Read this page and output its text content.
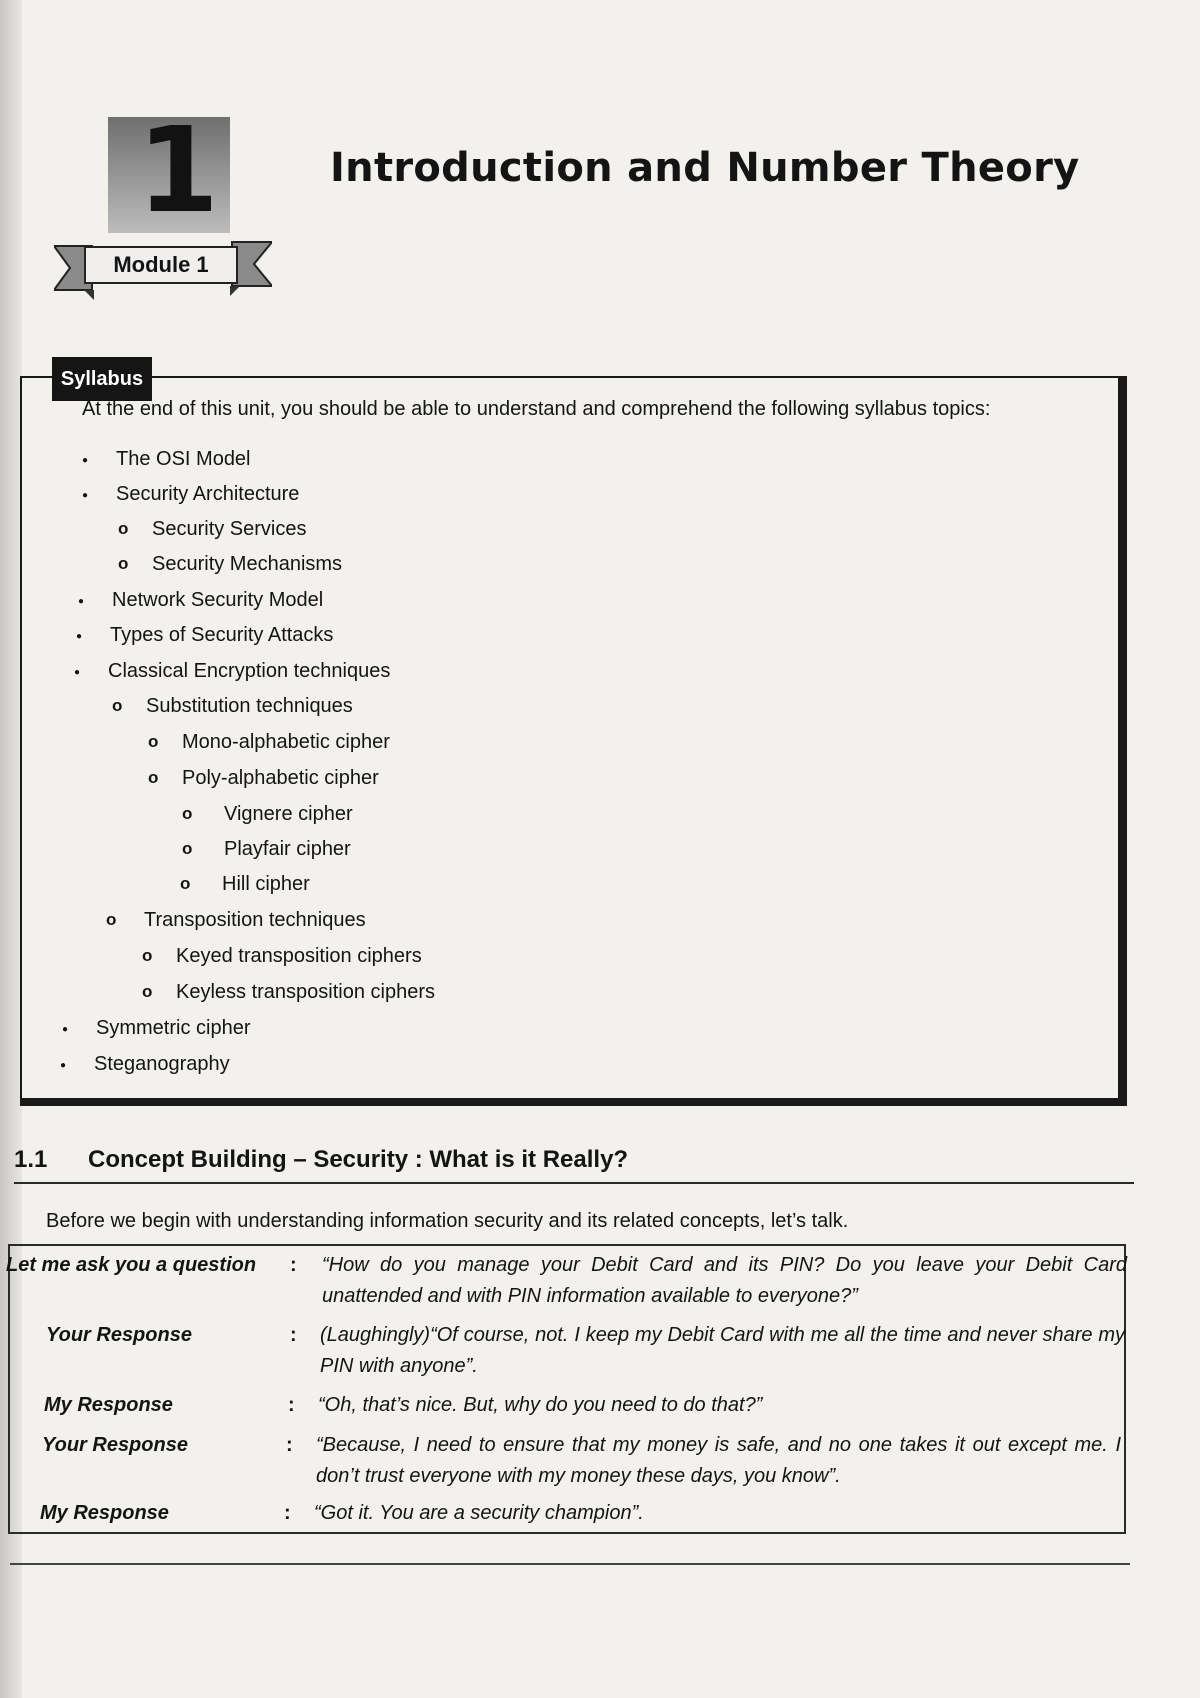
1
Module 1
Introduction and Number Theory
Syllabus
At the end of this unit, you should be able to understand and comprehend the following syllabus topics:
●
The OSI Model
●
Security Architecture
o
Security Services
o
Security Mechanisms
●
Network Security Model
●
Types of Security Attacks
●
Classical Encryption techniques
o
Substitution techniques
o
Mono-alphabetic cipher
o
Poly-alphabetic cipher
o
Vignere cipher
o
Playfair cipher
o
Hill cipher
o
Transposition techniques
o
Keyed transposition ciphers
o
Keyless transposition ciphers
●
Symmetric cipher
●
Steganography
1.1 Concept Building – Security : What is it Really?
Before we begin with understanding information security and its related concepts, let’s talk.
Let me ask you a question : “How do you manage your Debit Card and its PIN? Do you leave your Debit Card unattended and with PIN information available to everyone?”
Your Response	: (Laughingly)“Of course, not. I keep my Debit Card with me all the time and never share my PIN with anyone”.
My Response	: “Oh, that’s nice. But, why do you need to do that?”
Your Response	: “Because, I need to ensure that my money is safe, and no one takes it out except me. I don’t trust everyone with my money these days, you know”.
My Response	: “Got it. You are a security champion”.
